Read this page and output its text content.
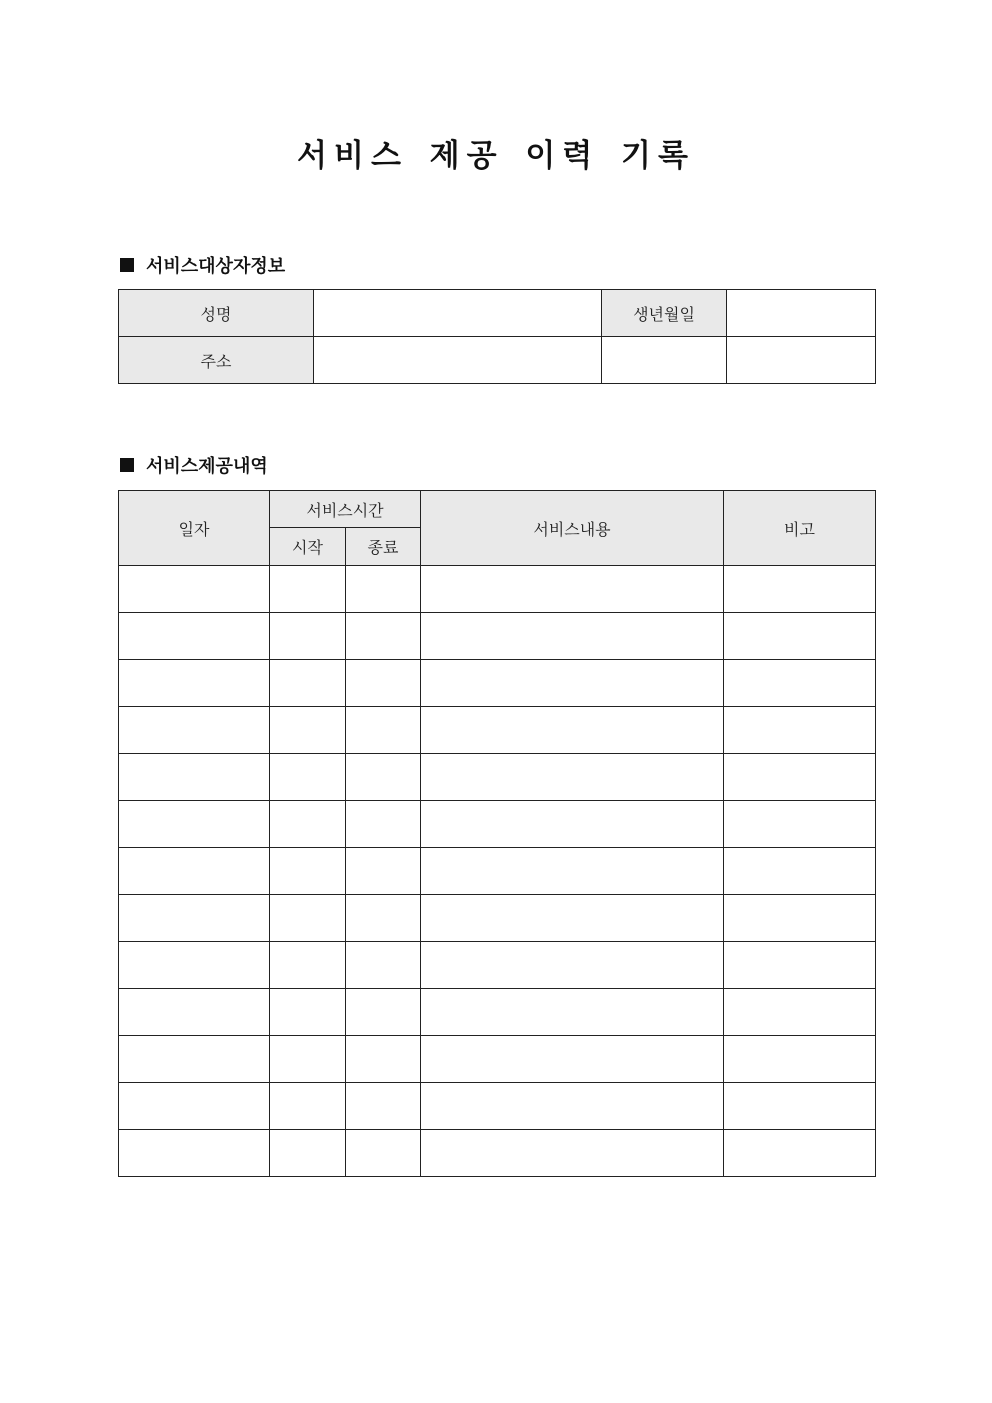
서비스 제공 이력 기록
서비스대상자정보
성명		생년월일	
주소			
서비스제공내역
일자	서비스시간		서비스내용	비고
	시작	종료		
